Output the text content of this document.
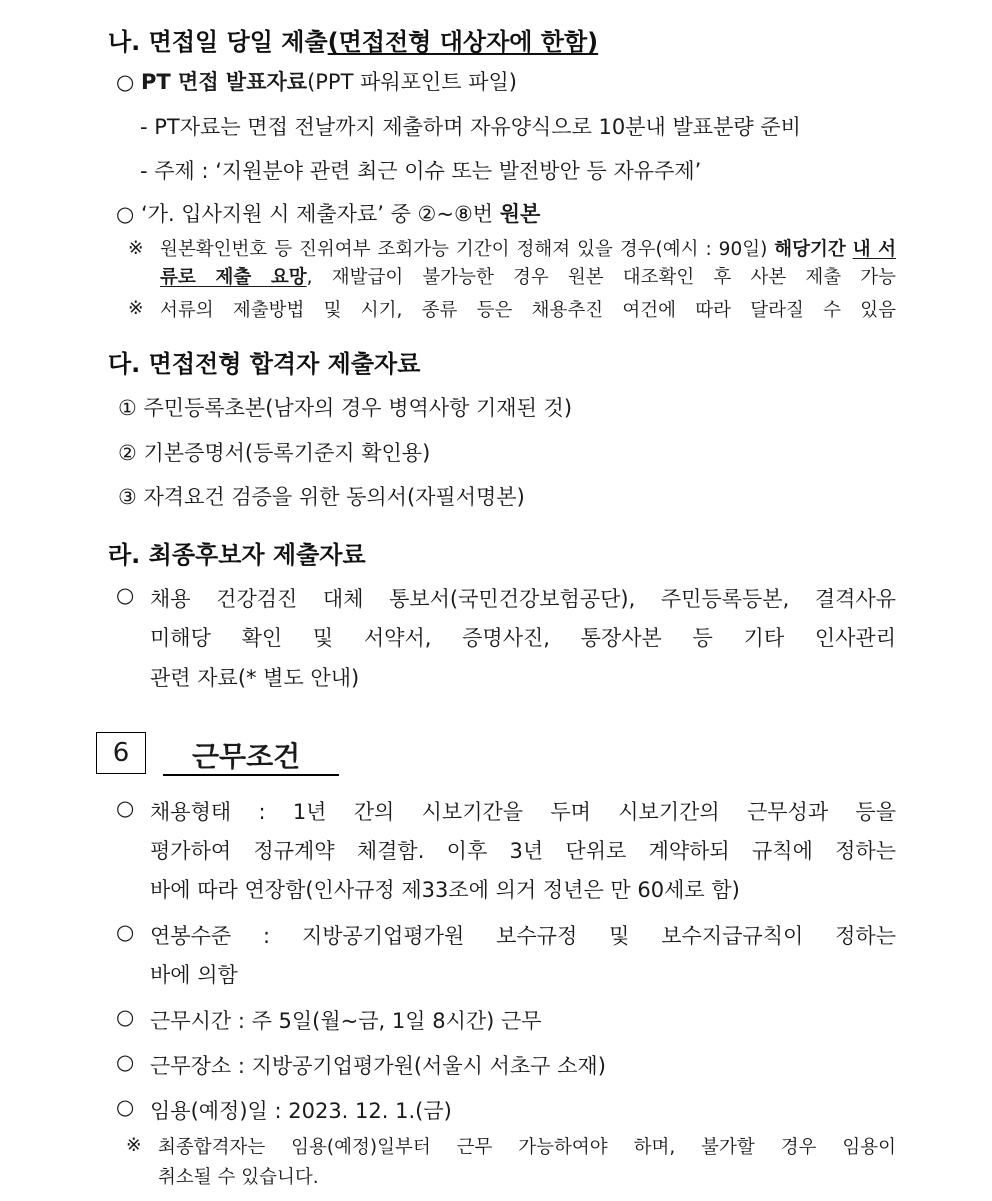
나. 면접일 당일 제출(면접전형 대상자에 한함)
○ PT 면접 발표자료(PPT 파워포인트 파일)
- PT자료는 면접 전날까지 제출하며 자유양식으로 10분내 발표분량 준비
- 주제 : ‘지원분야 관련 최근 이슈 또는 발전방안 등 자유주제’
○ ‘가. 입사지원 시 제출자료’ 중 ②~⑧번 원본
※ 원본확인번호 등 진위여부 조회가능 기간이 정해져 있을 경우(예시 : 90일) 해당기간 내 서류로 제출 요망, 재발급이 불가능한 경우 원본 대조확인 후 사본 제출 가능
※ 서류의 제출방법 및 시기, 종류 등은 채용추진 여건에 따라 달라질 수 있음
다. 면접전형 합격자 제출자료
① 주민등록초본(남자의 경우 병역사항 기재된 것)
② 기본증명서(등록기준지 확인용)
③ 자격요건 검증을 위한 동의서(자필서명본)
라. 최종후보자 제출자료
○ 채용 건강검진 대체 통보서(국민건강보험공단), 주민등록등본, 결격사유
미해당 확인 및 서약서, 증명사진, 통장사본 등 기타 인사관리
관련 자료(* 별도 안내)
6	근무조건
○ 채용형태 : 1년 간의 시보기간을 두며 시보기간의 근무성과 등을
평가하여 정규계약 체결함. 이후 3년 단위로 계약하되 규칙에 정하는
바에 따라 연장함(인사규정 제33조에 의거 정년은 만 60세로 함)
○ 연봉수준 : 지방공기업평가원 보수규정 및 보수지급규칙이 정하는
바에 의함
○ 근무시간 : 주 5일(월~금, 1일 8시간) 근무
○ 근무장소 : 지방공기업평가원(서울시 서초구 소재)
○ 임용(예정)일 : 2023. 12. 1.(금)
※ 최종합격자는 임용(예정)일부터 근무 가능하여야 하며, 불가할 경우 임용이
취소될 수 있습니다.
